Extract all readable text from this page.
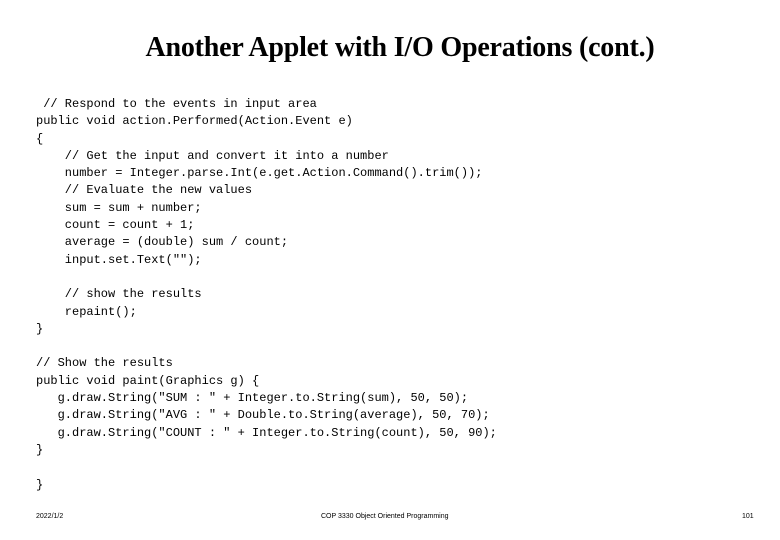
Another Applet with I/O Operations (cont.)
// Respond to the events in input area
public void action.Performed(Action.Event e)
{
// Get the input and convert it into a number
number = Integer.parse.Int(e.get.Action.Command().trim());
// Evaluate the new values
sum = sum + number;
count = count + 1;
average = (double) sum / count;
input.set.Text("");
// show the results
repaint();
}
// Show the results
public void paint(Graphics g) {
g.draw.String("SUM : " + Integer.to.String(sum), 50, 50);
g.draw.String("AVG : " + Double.to.String(average), 50, 70);
g.draw.String("COUNT : " + Integer.to.String(count), 50, 90);
}
}
2022/1/2	COP 3330 Object Oriented Programming	101
